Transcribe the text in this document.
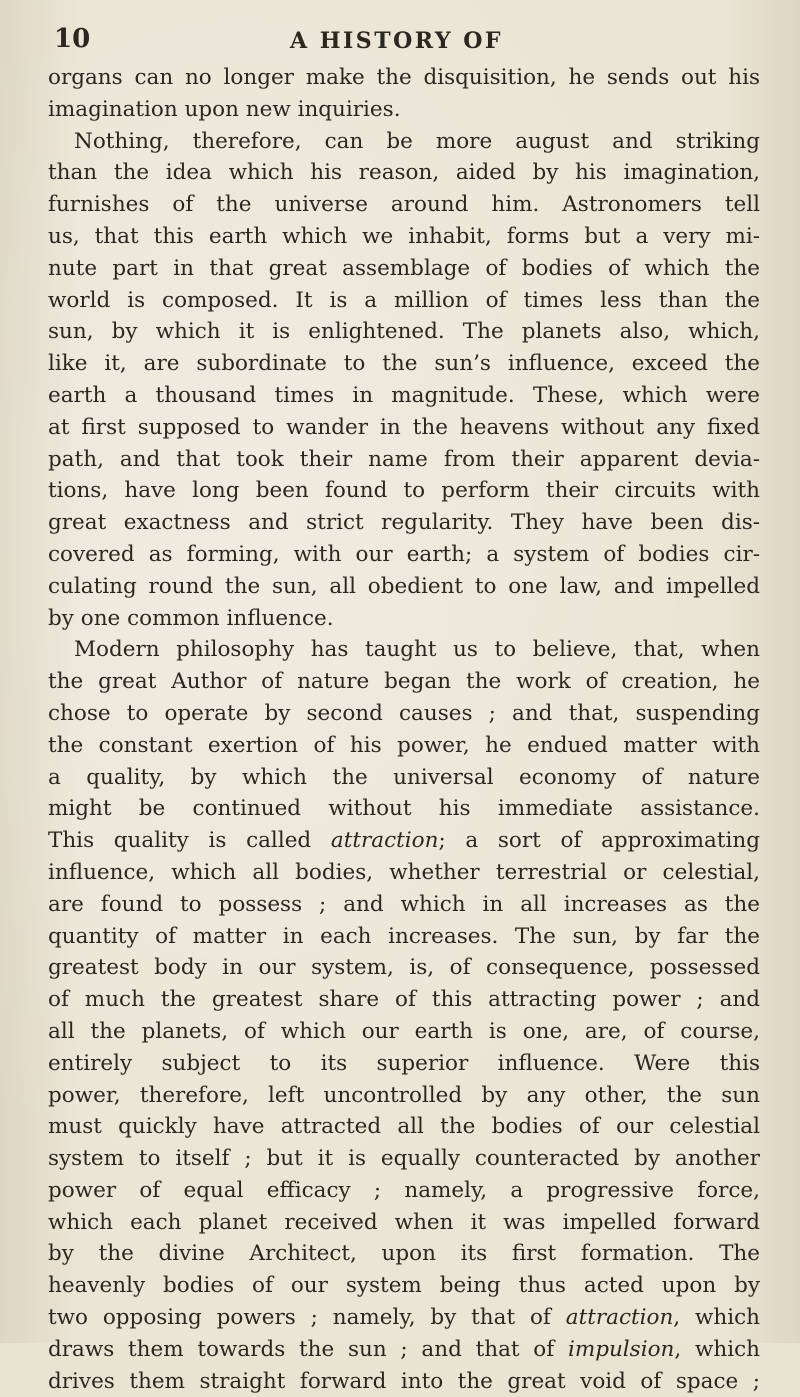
10	A HISTORY OF
organs can no longer make the disquisition, he sends out his
imagination upon new inquiries.
Nothing, therefore, can be more august and striking
than the idea which his reason, aided by his imagination,
furnishes of the universe around him. Astronomers tell
us, that this earth which we inhabit, forms but a very mi-
nute part in that great assemblage of bodies of which the
world is composed. It is a million of times less than the
sun, by which it is enlightened. The planets also, which,
like it, are subordinate to the sun’s influence, exceed the
earth a thousand times in magnitude. These, which were
at first supposed to wander in the heavens without any fixed
path, and that took their name from their apparent devia-
tions, have long been found to perform their circuits with
great exactness and strict regularity. They have been dis-
covered as forming, with our earth; a system of bodies cir-
culating round the sun, all obedient to one law, and impelled
by one common influence.
Modern philosophy has taught us to believe, that, when
the great Author of nature began the work of creation, he
chose to operate by second causes ; and that, suspending
the constant exertion of his power, he endued matter with
a quality, by which the universal economy of nature
might be continued without his immediate assistance.
This quality is called attraction; a sort of approximating
influence, which all bodies, whether terrestrial or celestial,
are found to possess ; and which in all increases as the
quantity of matter in each increases. The sun, by far the
greatest body in our system, is, of consequence, possessed
of much the greatest share of this attracting power ; and
all the planets, of which our earth is one, are, of course,
entirely subject to its superior influence. Were this
power, therefore, left uncontrolled by any other, the sun
must quickly have attracted all the bodies of our celestial
system to itself ; but it is equally counteracted by another
power of equal efficacy ; namely, a progressive force,
which each planet received when it was impelled forward
by the divine Architect, upon its first formation. The
heavenly bodies of our system being thus acted upon by
two opposing powers ; namely, by that of attraction, which
draws them towards the sun ; and that of impulsion, which
drives them straight forward into the great void of space ;
